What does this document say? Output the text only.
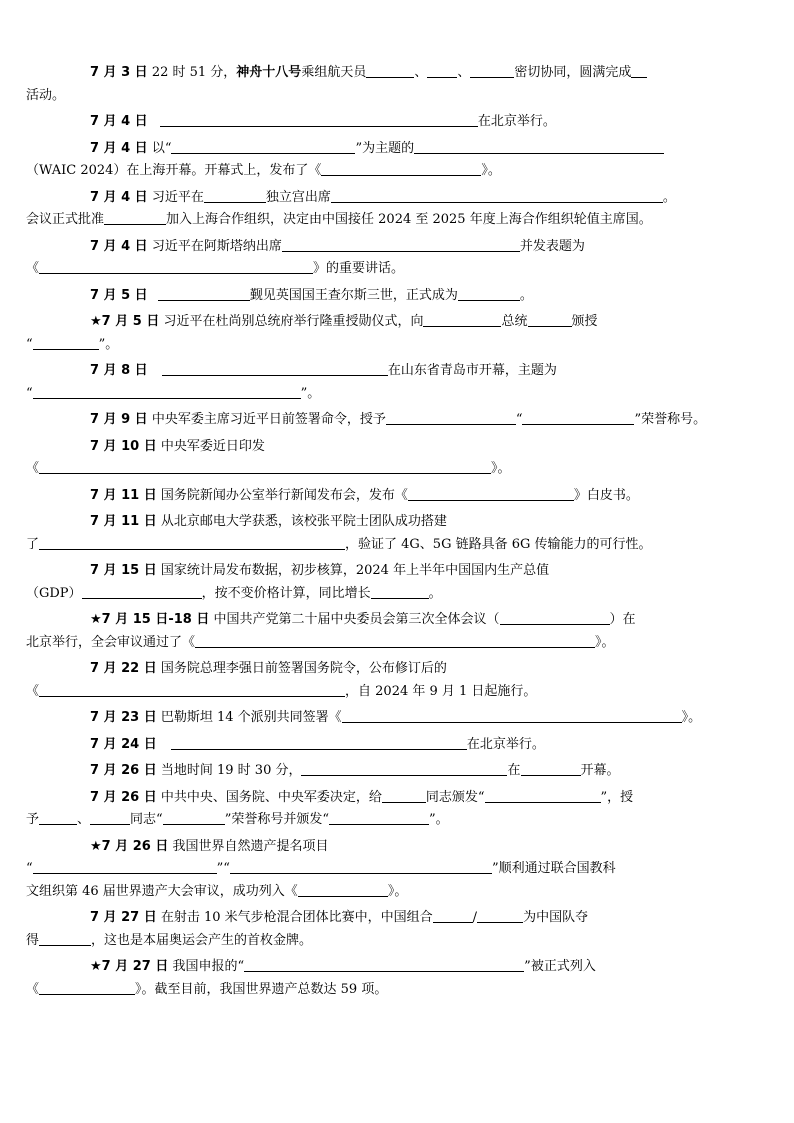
7 月 3 日 22 时 51 分，神舟十八号乘组航天员	、 、	密切协同，圆满完成
活动。

7 月 4 日	在北京举行。

7 月 4 日 以“	”为主题的
（WAIC 2024）在上海开幕。开幕式上，发布了《	》。

7 月 4 日 习近平在	独立宫出席	。
会议正式批准	加入上海合作组织，决定由中国接任 2024 至 2025 年度上海合作组织轮值主席国。

7 月 4 日 习近平在阿斯塔纳出席	并发表题为
《	》的重要讲话。

7 月 5 日	觐见英国国王查尔斯三世，正式成为	。

★7 月 5 日 习近平在杜尚别总统府举行隆重授勋仪式，向	总统	颁授
“	”。

7 月 8 日	在山东省青岛市开幕，主题为
“	”。

7 月 9 日 中央军委主席习近平日前签署命令，授予	“	”荣誉称号。

7 月 10 日 中央军委近日印发
《	》。

7 月 11 日 国务院新闻办公室举行新闻发布会，发布《	》白皮书。

7 月 11 日 从北京邮电大学获悉，该校张平院士团队成功搭建
了	，验证了 4G、5G 链路具备 6G 传输能力的可行性。

7 月 15 日 国家统计局发布数据，初步核算，2024 年上半年中国国内生产总值
（GDP）	，按不变价格计算，同比增长	。

★7 月 15 日-18 日 中国共产党第二十届中央委员会第三次全体会议（	）在
北京举行，全会审议通过了《	》。

7 月 22 日 国务院总理李强日前签署国务院令，公布修订后的
《	，自 2024 年 9 月 1 日起施行。

7 月 23 日 巴勒斯坦 14 个派别共同签署《	》。

7 月 24 日	在北京举行。

7 月 26 日 当地时间 19 时 30 分，	在	开幕。

7 月 26 日 中共中央、国务院、中央军委决定，给	同志颁发“	”，授
予	、	同志“	”荣誉称号并颁发“	”。

★7 月 26 日 我国世界自然遗产提名项目
“	”“	”顺利通过联合国教科
文组织第 46 届世界遗产大会审议，成功列入《	》。

7 月 27 日 在射击 10 米气步枪混合团体比赛中，中国组合	/	为中国队夺
得	，这也是本届奥运会产生的首枚金牌。

★7 月 27 日 我国申报的“	”被正式列入
《	》。截至目前，我国世界遗产总数达 59 项。
